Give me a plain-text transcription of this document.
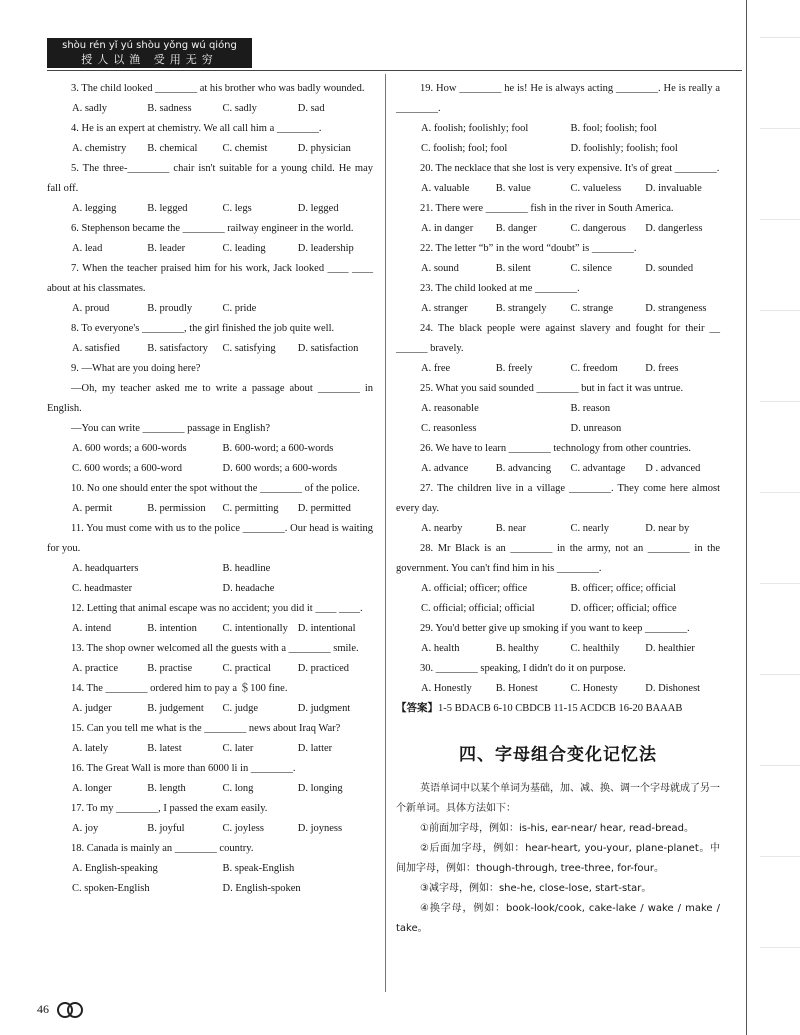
shòu rén yǐ yú shòu yǒng wú qióng
授人以渔 受用无穷

3. The child looked ________ at his brother who was badly wounded.

A. sadly	B. sadness	C. sadly	D. sad

4. He is an expert at chemistry. We all call him a ________.

A. chemistry	B. chemical	C. chemist	D. physician

5. The three-________ chair isn't suitable for a young child. He may fall off.

A. legging	B. legged	C. legs	D. legged

6. Stephenson became the ________ railway engineer in the world.

A. lead	B. leader	C. leading	D. leadership

7. When the teacher praised him for his work, Jack looked ____ ____ about at his classmates.

A. proud	B. proudly	C. pride

8. To everyone's ________, the girl finished the job quite well.

A. satisfied	B. satisfactory	C. satisfying	D. satisfaction

9. —What are you doing here?

—Oh, my teacher asked me to write a passage about ________ in English.

—You can write ________ passage in English?

A. 600 words; a 600-words	B. 600-word; a 600-words
C. 600 words; a 600-word	D. 600 words; a 600-words

10. No one should enter the spot without the ________ of the police.

A. permit	B. permission	C. permitting	D. permitted

11. You must come with us to the police ________. Our head is waiting for you.

A. headquarters	B. headline
C. headmaster	D. headache

12. Letting that animal escape was no accident; you did it ____ ____.

A. intend	B. intention	C. intentionally D. intentional

13. The shop owner welcomed all the guests with a ________ smile.

A. practice	B. practise	C. practical	D. practiced

14. The ________ ordered him to pay a ＄100 fine.

A. judger	B. judgement	C. judge	D. judgment

15. Can you tell me what is the ________ news about Iraq War?

A. lately	B. latest	C. later	D. latter

16. The Great Wall is more than 6000 li in ________.

A. longer	B. length	C. long	D. longing

17. To my ________, I passed the exam easily.

A. joy	B. joyful	C. joyless	D. joyness

18. Canada is mainly an ________ country.

A. English-speaking	B. speak-English
C. spoken-English	D. English-spoken

19. How ________ he is! He is always acting ________. He is really a ________.

A. foolish; foolishly; fool	B. fool; foolish; fool
C. foolish; fool; fool	D. foolishly; foolish; fool

20. The necklace that she lost is very expensive. It's of great ________.

A. valuable	B. value	C. valueless	D. invaluable

21. There were ________ fish in the river in South America.

A. in danger	B. danger	C. dangerous	D. dangerless

22. The letter “b” in the word “doubt” is ________.

A. sound	B. silent	C. silence	D. sounded

23. The child looked at me ________.

A. stranger	B. strangely	C. strange	D. strangeness

24. The black people were against slavery and fought for their __ ______ bravely.

A. free	B. freely	C. freedom	D. frees

25. What you said sounded ________ but in fact it was untrue.

A. reasonable	B. reason
C. reasonless	D. unreason

26. We have to learn ________ technology from other countries.

A. advance	B. advancing	C. advantage	D . advanced

27. The children live in a village ________. They come here almost every day.

A. nearby	B. near	C. nearly	D. near by

28. Mr Black is an ________ in the army, not an ________ in the government. You can't find him in his ________.

A. official; officer; office	B. officer; office; official
C. official; official; official	D. officer; official; office

29. You'd better give up smoking if you want to keep ________.

A. health	B. healthy	C. healthily	D. healthier

30. ________ speaking, I didn't do it on purpose.

A. Honestly	B. Honest	C. Honesty	D. Dishonest

【答案】1-5 BDACB 6-10 CBDCB 11-15 ACDCB 16-20 BAAAB

四、字母组合变化记忆法

英语单词中以某个单词为基础，加、减、换、调一个字母就成了另一个新单词。具体方法如下：

①前面加字母，例如：is-his, ear-near/ hear, read-bread。

②后面加字母，例如：hear-heart, you-your, plane-planet。中间加字母，例如：though-through, tree-three, for-four。

③减字母，例如：she-he, close-lose, start-star。

④换字母，例如：book-look/cook, cake-lake / wake / make / take。

46
